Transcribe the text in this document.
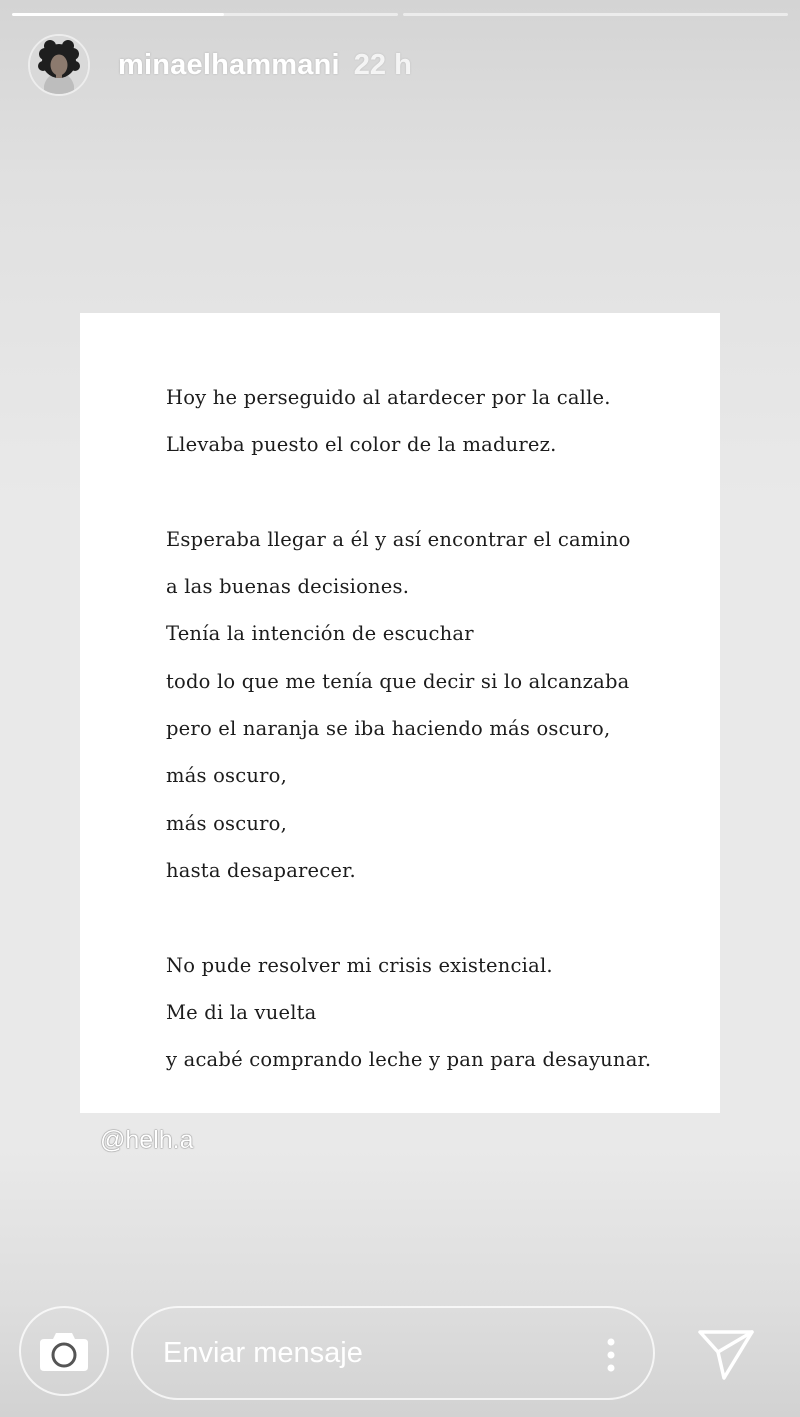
minaelhammani 22 h
Hoy he perseguido al atardecer por la calle.
Llevaba puesto el color de la madurez.
Esperaba llegar a él y así encontrar el camino
a las buenas decisiones.
Tenía la intención de escuchar
todo lo que me tenía que decir si lo alcanzaba
pero el naranja se iba haciendo más oscuro,
más oscuro,
más oscuro,
hasta desaparecer.
No pude resolver mi crisis existencial.
Me di la vuelta
y acabé comprando leche y pan para desayunar.
@helh.a
Enviar mensaje
